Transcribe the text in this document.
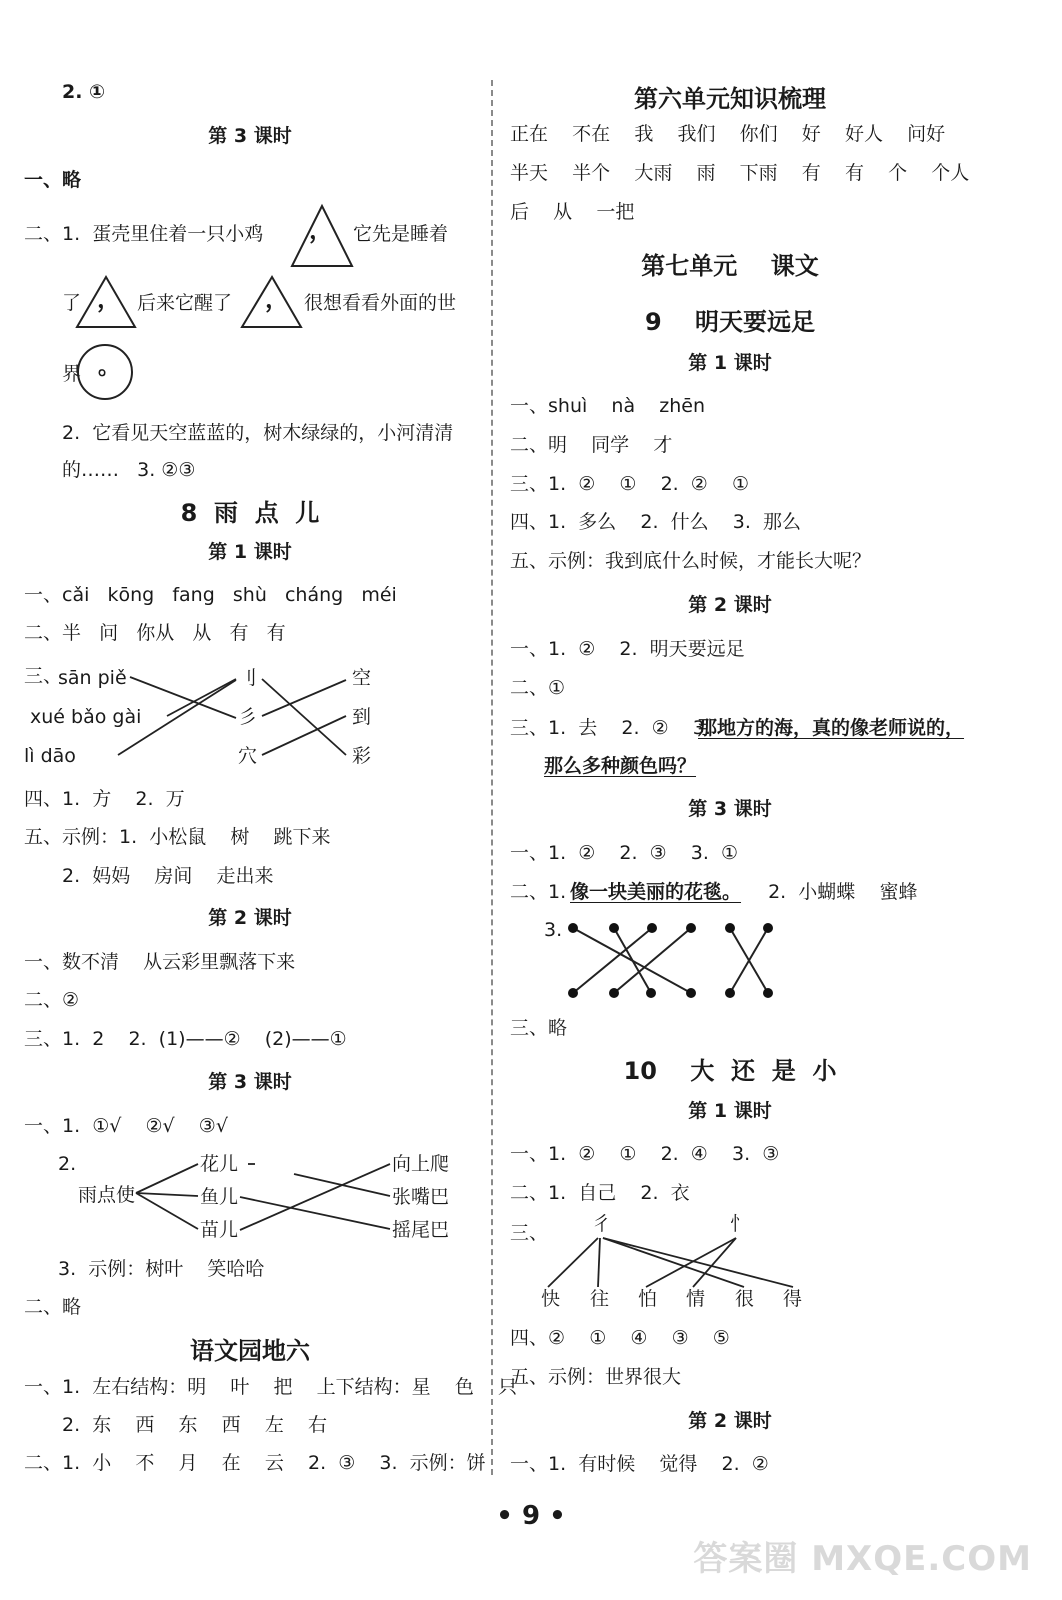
2. ①
第 3 课时
一、略
二、1.  蛋壳里住着一只小鸡	它先是睡着
了	后来它醒了	很想看看外面的世
界
，
，	，
。
2.  它看见天空蓝蓝的，树木绿绿的，小河清清
的……   3. ②③
8  雨  点  儿
第 1 课时
一、cǎi   kōng   fang   shù   cháng   méi
二、半   问   你从   从   有   有
三、
sān piě
xué bǎo gài
lì dāo
刂
彡
穴
空
到
彩
四、1.  方    2.  万
五、示例：1.  小松鼠    树    跳下来
2.  妈妈    房间    走出来
第 2 课时
一、数不清    从云彩里飘落下来
二、②
三、1.  2    2.  (1)——②    (2)——①
第 3 课时
一、1.  ①√    ②√    ③√
2.
雨点使
花儿
鱼儿
苗儿
向上爬
张嘴巴
摇尾巴
3.  示例：树叶    笑哈哈
二、略
语文园地六
一、1.  左右结构：明    叶    把    上下结构：星    色    只
2.  东    西    东    西    左    右
二、1.  小    不    月    在    云    2.  ③    3.  示例：饼
第六单元知识梳理
正在    不在    我    我们    你们    好    好人    问好
半天    半个    大雨    雨    下雨    有    有    个    个人
后    从    一把
第七单元    课文
9    明天要远足
第 1 课时
一、shuì    nà    zhēn
二、明    同学    才
三、1.  ②    ①    2.  ②    ①
四、1.  多么    2.  什么    3.  那么
五、示例：我到底什么时候，才能长大呢？
第 2 课时
一、1.  ②    2.  明天要远足
二、①
三、1.  去    2.  ②    3.
那地方的海，真的像老师说的，
那么多种颜色吗？
第 3 课时
一、1.  ②    2.  ③    3.  ①
二、1.
像一块美丽的花毯。 2.  小蝴蝶    蜜蜂
3.
三、略
10    大  还  是  小
第 1 课时
一、1.  ②    ①    2.  ④    3.  ③
二、1.  自己    2.  衣
三、 彳	忄
快 往 怕 情 很 得
四、②    ①    ④    ③    ⑤
五、示例：世界很大
第 2 课时
一、1.  有时候    觉得    2.  ②
• 9 •
答案圈 MXQE.COM
